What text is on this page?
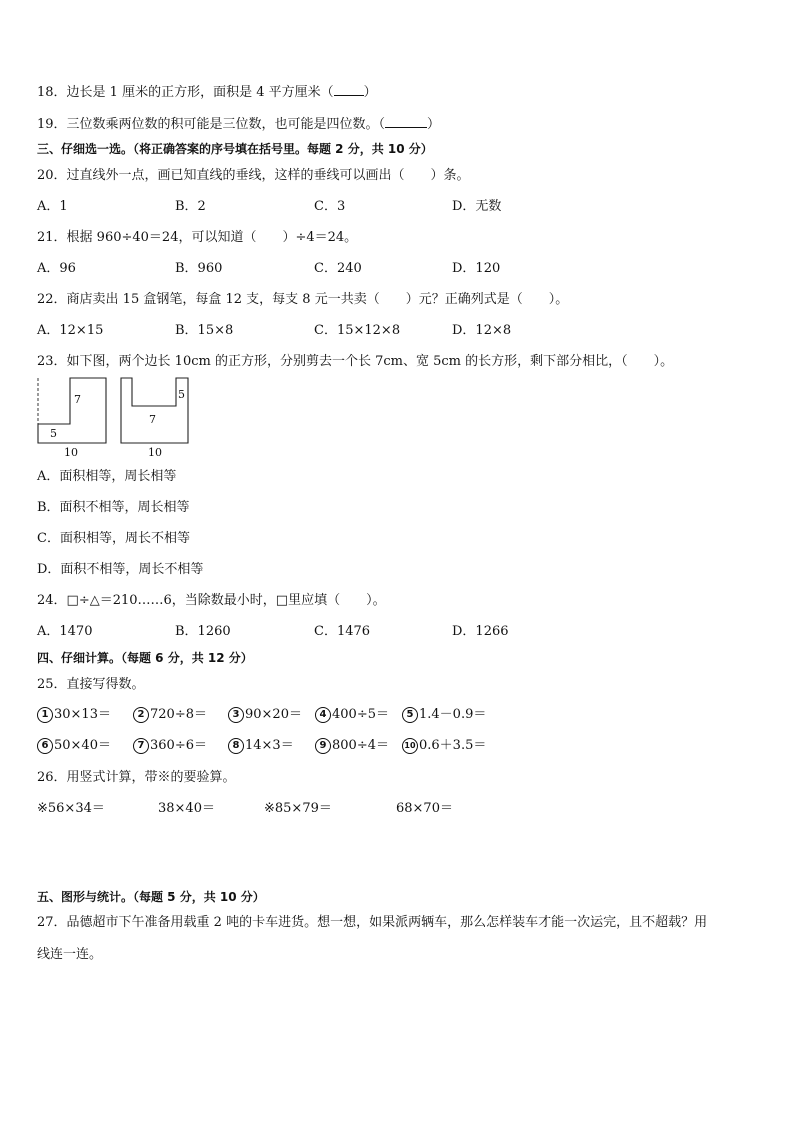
18．边长是 1 厘米的正方形，面积是 4 平方厘米（ ）
19．三位数乘两位数的积可能是三位数，也可能是四位数。（	）
三、仔细选一选。（将正确答案的序号填在括号里。每题 2 分，共 10 分）
20．过直线外一点，画已知直线的垂线，这样的垂线可以画出（　　）条。
A．1	B．2	C．3	D．无数
21．根据 960÷40＝24，可以知道（　　）÷4＝24。
A．96	B．960	C．240	D．120
22．商店卖出 15 盒钢笔，每盒 12 支，每支 8 元一共卖（　　）元？正确列式是（　　）。
A．12×15	B．15×8	C．15×12×8	D．12×8
23．如下图，两个边长 10cm 的正方形，分别剪去一个长 7cm、宽 5cm 的长方形，剩下部分相比，（　　）。
7
5
10
5
7
10
A．面积相等，周长相等
B．面积不相等，周长相等
C．面积相等，周长不相等
D．面积不相等，周长不相等
24．□÷△＝210……6，当除数最小时，□里应填（　　）。
A．1470	B．1260	C．1476	D．1266
四、仔细计算。（每题 6 分，共 12 分）
25．直接写得数。
1 30×13＝	2 720÷8＝	3 90×20＝	4 400÷5＝	5 1.4－0.9＝
6 50×40＝	7 360÷6＝	8 14×3＝	9 800÷4＝	10 0.6＋3.5＝
26．用竖式计算，带※的要验算。
※56×34＝	38×40＝	※85×79＝	68×70＝
五、图形与统计。（每题 5 分，共 10 分）
27．品德超市下午准备用载重 2 吨的卡车进货。想一想，如果派两辆车，那么怎样装车才能一次运完，且不超载？用
线连一连。
